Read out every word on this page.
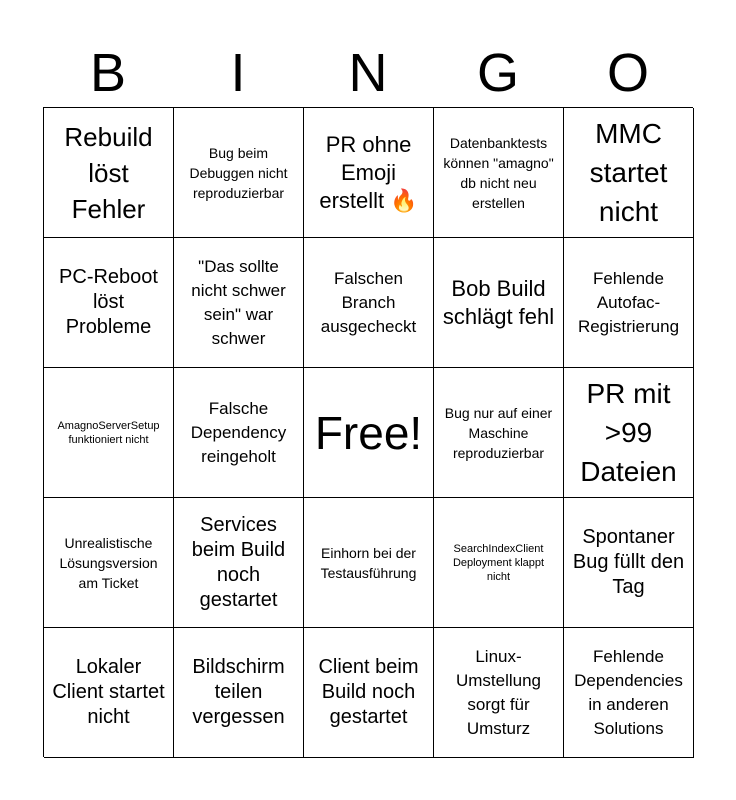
B	I	N	G	O
Rebuild löst Fehler
Bug beim Debuggen nicht reproduzierbar
PR ohne Emoji erstellt 🔥
Datenbanktests können "amagno" db nicht neu erstellen
MMC startet nicht
PC-Reboot löst Probleme
"Das sollte nicht schwer sein" war schwer
Falschen Branch ausgecheckt
Bob Build schlägt fehl
Fehlende Autofac-Registrierung
AmagnoServerSetup funktioniert nicht
Falsche Dependency reingeholt Free!	Bug nur auf einer Maschine reproduzierbar
PR mit >99 Dateien
Unrealistische Lösungsversion am Ticket
Services beim Build noch gestartet
Einhorn bei der Testausführung
SearchIndexClient Deployment klappt nicht
Spontaner Bug füllt den Tag
Lokaler Client startet nicht
Bildschirm teilen vergessen
Client beim Build noch gestartet
Linux-Umstellung sorgt für Umsturz
Fehlende Dependencies in anderen Solutions
